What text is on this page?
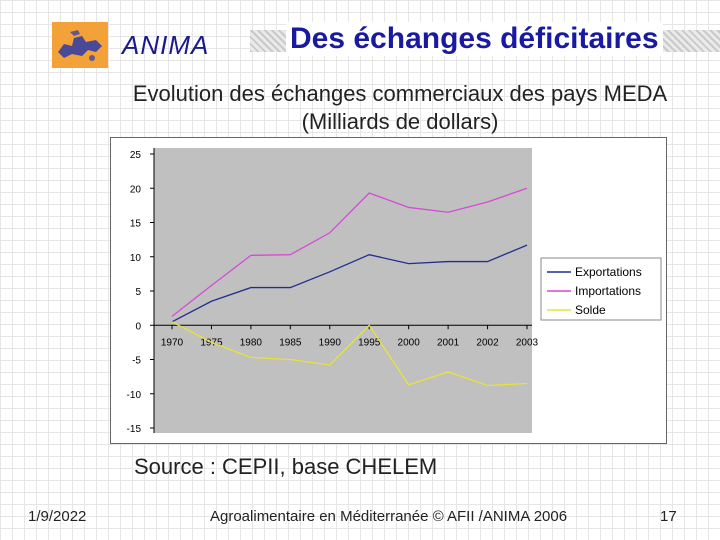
ANIMA	Des échanges déficitaires
Evolution des échanges commerciaux des pays MEDA
(Milliards de dollars)
25
20
15
10
5
0
-5
-10
-15
1970 1975 1980 1985 1990 1995 2000 2001 2002 2003
Exportations
Importations
Solde
Source : CEPII, base CHELEM
1/9/2022	Agroalimentaire en Méditerranée © AFII /ANIMA 2006	17
